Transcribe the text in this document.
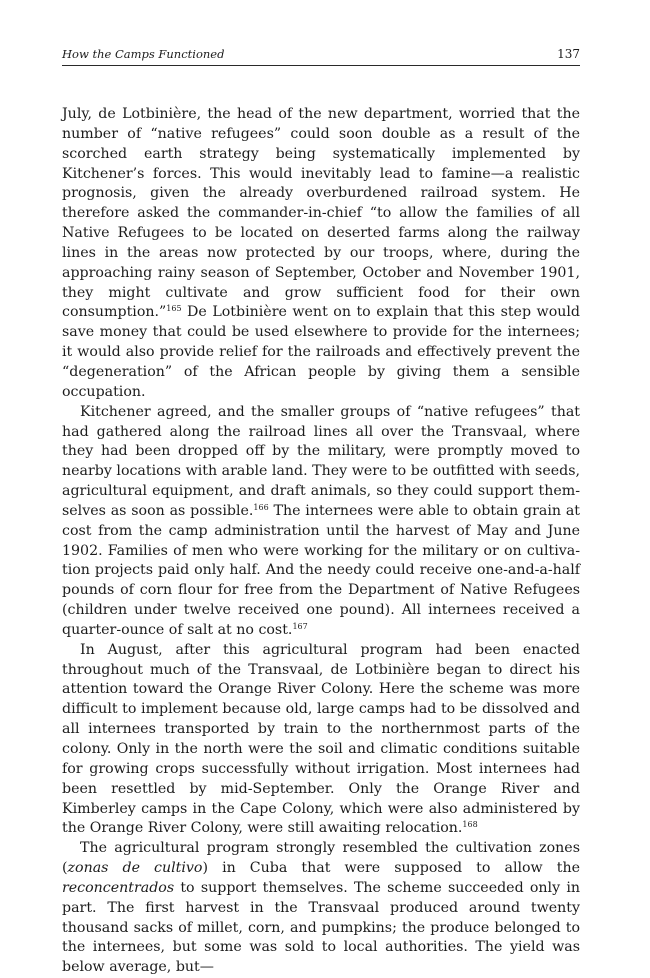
How the Camps Functioned	137

July, de Lotbinière, the head of the new department, worried that the number of “native refugees” could soon double as a result of the scorched earth strategy being systematically implemented by Kitchener’s forces. This would inevitably lead to famine—a realistic prognosis, given the already overburdened railroad system. He therefore asked the commander-in-chief “to allow the families of all Native Refugees to be located on deserted farms along the railway lines in the areas now protected by our troops, where, during the approaching rainy season of September, October and November 1901, they might cultivate and grow sufficient food for their own consumption.”$^{165}$ De Lotbinière went on to explain that this step would save money that could be used elsewhere to provide for the internees; it would also provide relief for the railroads and effectively prevent the “degeneration” of the African people by giving them a sensible occupation.

Kitchener agreed, and the smaller groups of “native refugees” that had gathered along the railroad lines all over the Transvaal, where they had been dropped off by the military, were promptly moved to nearby locations with arable land. They were to be outfitted with seeds, agricultural equipment, and draft animals, so they could support themselves as soon as possible.$^{166}$ The internees were able to obtain grain at cost from the camp administration until the harvest of May and June 1902. Families of men who were working for the military or on cultivation projects paid only half. And the needy could receive one-and-a-half pounds of corn flour for free from the Department of Native Refugees (children under twelve received one pound). All internees received a quarter-ounce of salt at no cost.$^{167}$

In August, after this agricultural program had been enacted throughout much of the Transvaal, de Lotbinière began to direct his attention toward the Orange River Colony. Here the scheme was more difficult to implement because old, large camps had to be dissolved and all internees transported by train to the northernmost parts of the colony. Only in the north were the soil and climatic conditions suitable for growing crops successfully without irrigation. Most internees had been resettled by mid-September. Only the Orange River and Kimberley camps in the Cape Colony, which were also administered by the Orange River Colony, were still awaiting relocation.$^{168}$

The agricultural program strongly resembled the cultivation zones (zonas de cultivo) in Cuba that were supposed to allow the reconcentrados to support themselves. The scheme succeeded only in part. The first harvest in the Transvaal produced around twenty thousand sacks of millet, corn, and pumpkins; the produce belonged to the internees, but some was sold to local authorities. The yield was below average, but—
